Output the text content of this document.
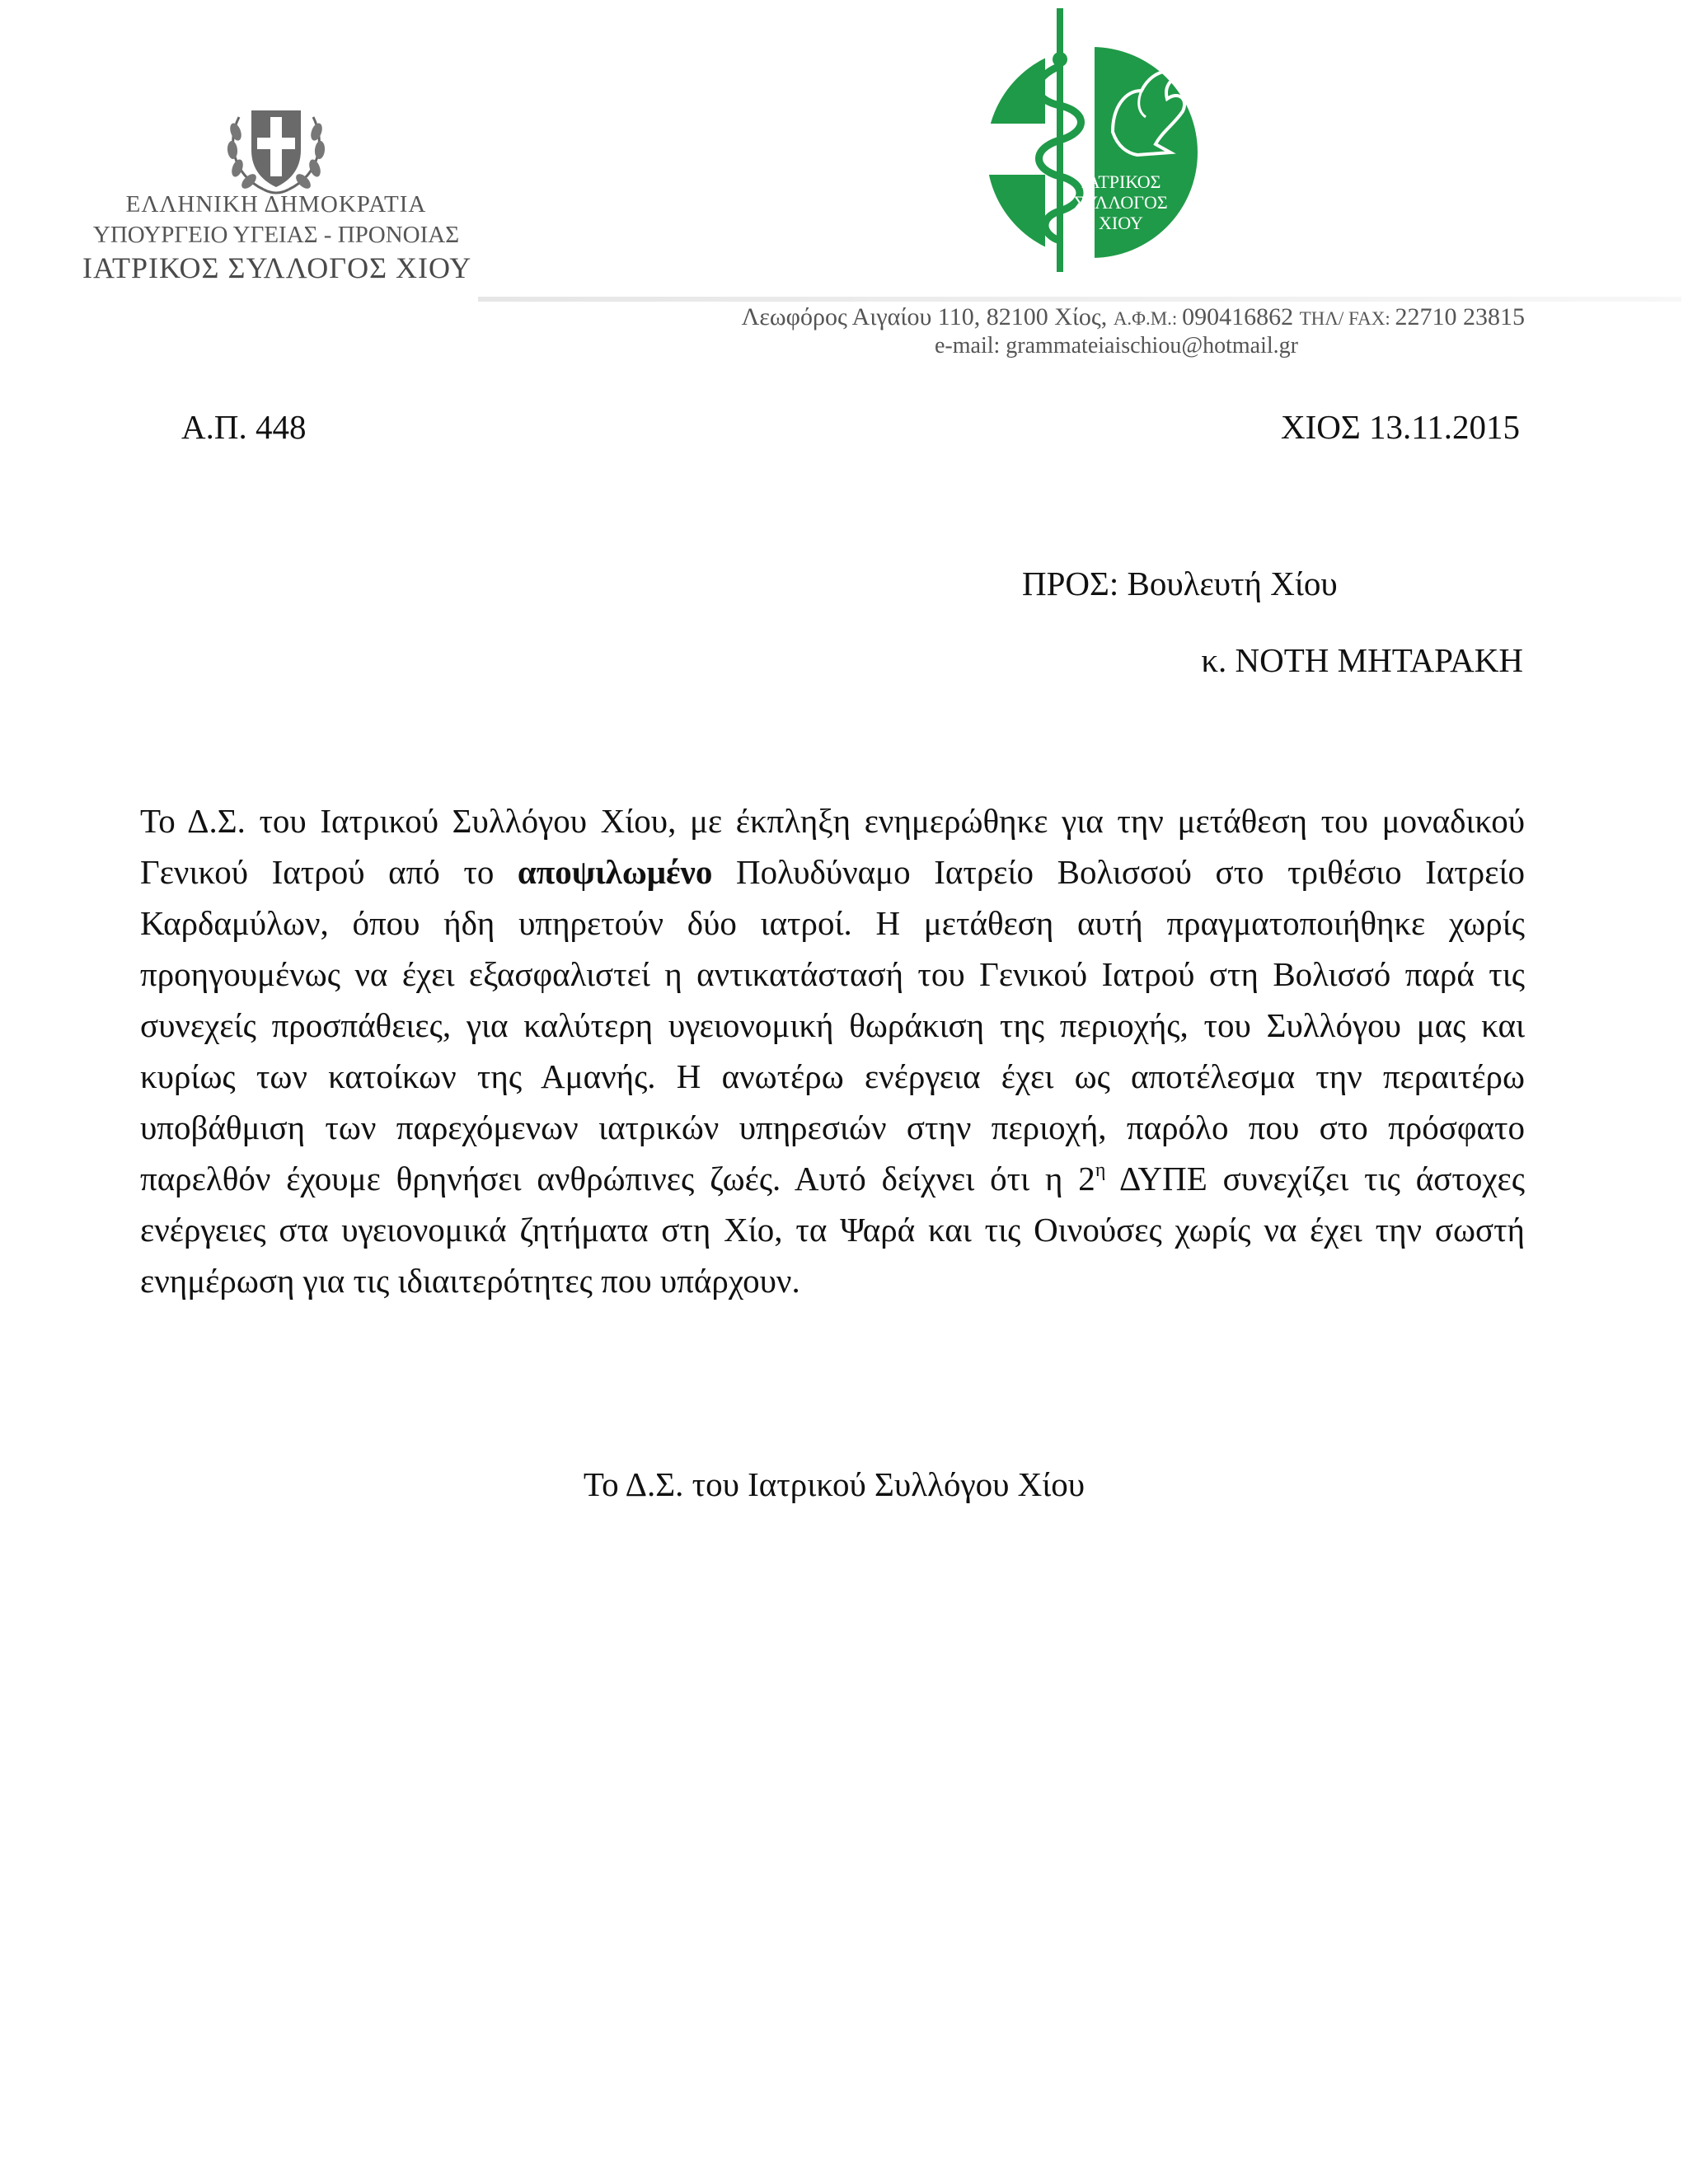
ΕΛΛΗΝΙΚΗ ΔΗΜΟΚΡΑΤΙΑ
ΥΠΟΥΡΓΕΙΟ ΥΓΕΙΑΣ - ΠΡΟΝΟΙΑΣ
ΙΑΤΡΙΚΟΣ ΣΥΛΛΟΓΟΣ ΧΙΟΥ
ΙΑΤΡΙΚΟΣ
ΣΥΛΛΟΓΟΣ
ΧΙΟΥ
Λεωφόρος Αιγαίου 110, 82100 Χίος, Α.Φ.Μ.: 090416862 ΤΗΛ/ FAX: 22710 23815
e-mail: grammateiaischiou@hotmail.gr
Α.Π. 448	ΧΙΟΣ 13.11.2015
ΠΡΟΣ: Βουλευτή Χίου
κ. ΝΟΤΗ ΜΗΤΑΡΑΚΗ
Το Δ.Σ. του Ιατρικού Συλλόγου Χίου, με έκπληξη ενημερώθηκε για την μετάθεση του μοναδικού Γενικού Ιατρού από το αποψιλωμένο Πολυδύναμο Ιατρείο Βολισσού στο τριθέσιο Ιατρείο Καρδαμύλων, όπου ήδη υπηρετούν δύο ιατροί. Η μετάθεση αυτή πραγματοποιήθηκε χωρίς προηγουμένως να έχει εξασφαλιστεί η αντικατάστασή του Γενικού Ιατρού στη Βολισσό παρά τις συνεχείς προσπάθειες, για καλύτερη υγειονομική θωράκιση της περιοχής, του Συλλόγου μας και κυρίως των κατοίκων της Αμανής. Η ανωτέρω ενέργεια έχει ως αποτέλεσμα την περαιτέρω υποβάθμιση των παρεχόμενων ιατρικών υπηρεσιών στην περιοχή, παρόλο που στο πρόσφατο παρελθόν έχουμε θρηνήσει ανθρώπινες ζωές. Αυτό δείχνει ότι η $2^\eta$ ΔΥΠΕ συνεχίζει τις άστοχες ενέργειες στα υγειονομικά ζητήματα στη Χίο, τα Ψαρά και τις Οινούσες χωρίς να έχει την σωστή ενημέρωση για τις ιδιαιτερότητες που υπάρχουν.
Το Δ.Σ. του Ιατρικού Συλλόγου Χίου
